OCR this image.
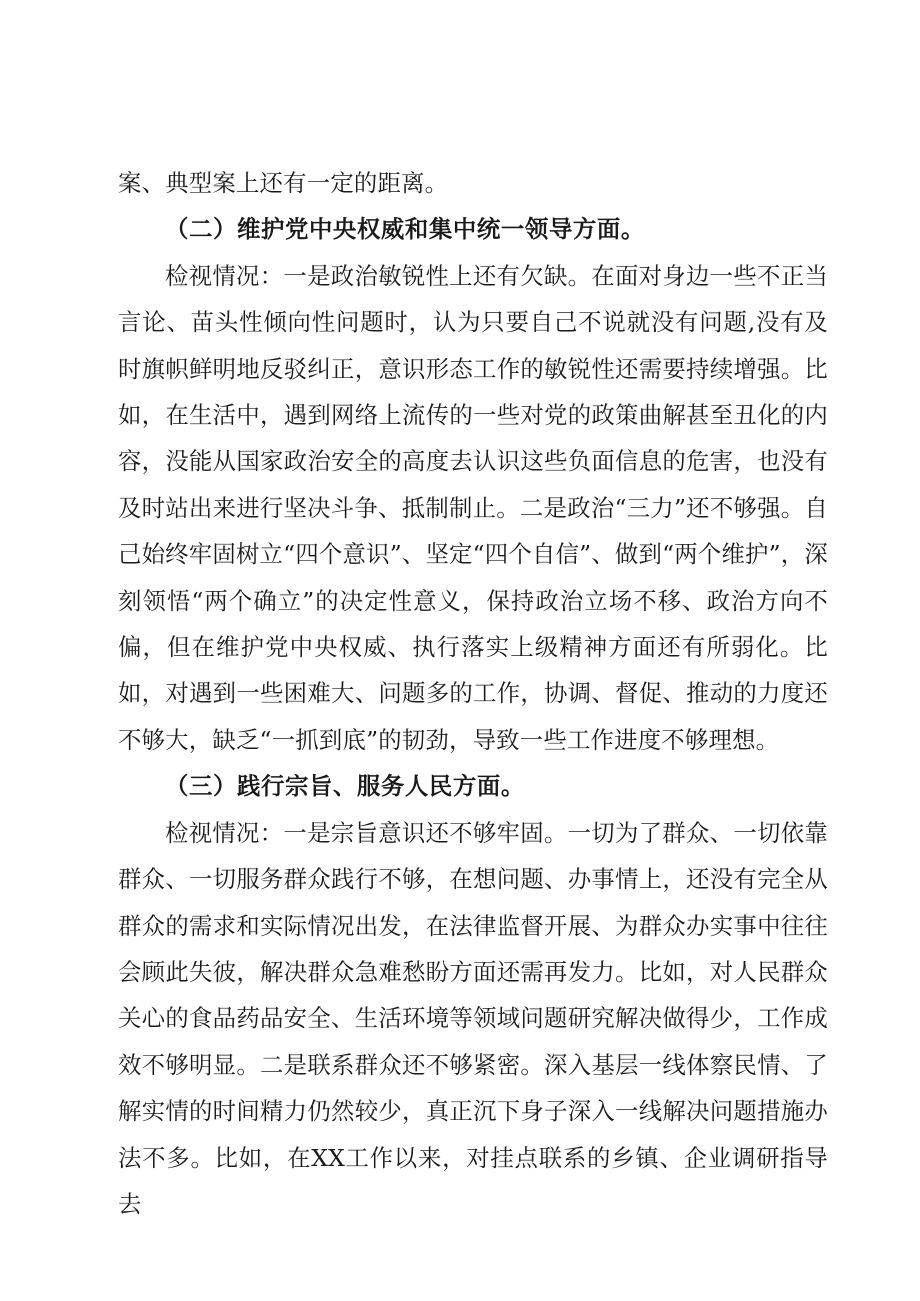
案、典型案上还有一定的距离。

（二）维护党中央权威和集中统一领导方面。

检视情况：一是政治敏锐性上还有欠缺。在面对身边一些不正当言论、苗头性倾向性问题时，认为只要自己不说就没有问题,没有及时旗帜鲜明地反驳纠正，意识形态工作的敏锐性还需要持续增强。比如，在生活中，遇到网络上流传的一些对党的政策曲解甚至丑化的内容，没能从国家政治安全的高度去认识这些负面信息的危害，也没有及时站出来进行坚决斗争、抵制制止。二是政治“三力”还不够强。自己始终牢固树立“四个意识”、坚定“四个自信”、做到“两个维护”，深刻领悟“两个确立”的决定性意义，保持政治立场不移、政治方向不偏，但在维护党中央权威、执行落实上级精神方面还有所弱化。比如，对遇到一些困难大、问题多的工作，协调、督促、推动的力度还不够大，缺乏“一抓到底”的韧劲，导致一些工作进度不够理想。

（三）践行宗旨、服务人民方面。

检视情况：一是宗旨意识还不够牢固。一切为了群众、一切依靠群众、一切服务群众践行不够，在想问题、办事情上，还没有完全从群众的需求和实际情况出发，在法律监督开展、为群众办实事中往往会顾此失彼，解决群众急难愁盼方面还需再发力。比如，对人民群众关心的食品药品安全、生活环境等领域问题研究解决做得少，工作成效不够明显。二是联系群众还不够紧密。深入基层一线体察民情、了解实情的时间精力仍然较少，真正沉下身子深入一线解决问题措施办法不多。比如，在XX工作以来，对挂点联系的乡镇、企业调研指导去
